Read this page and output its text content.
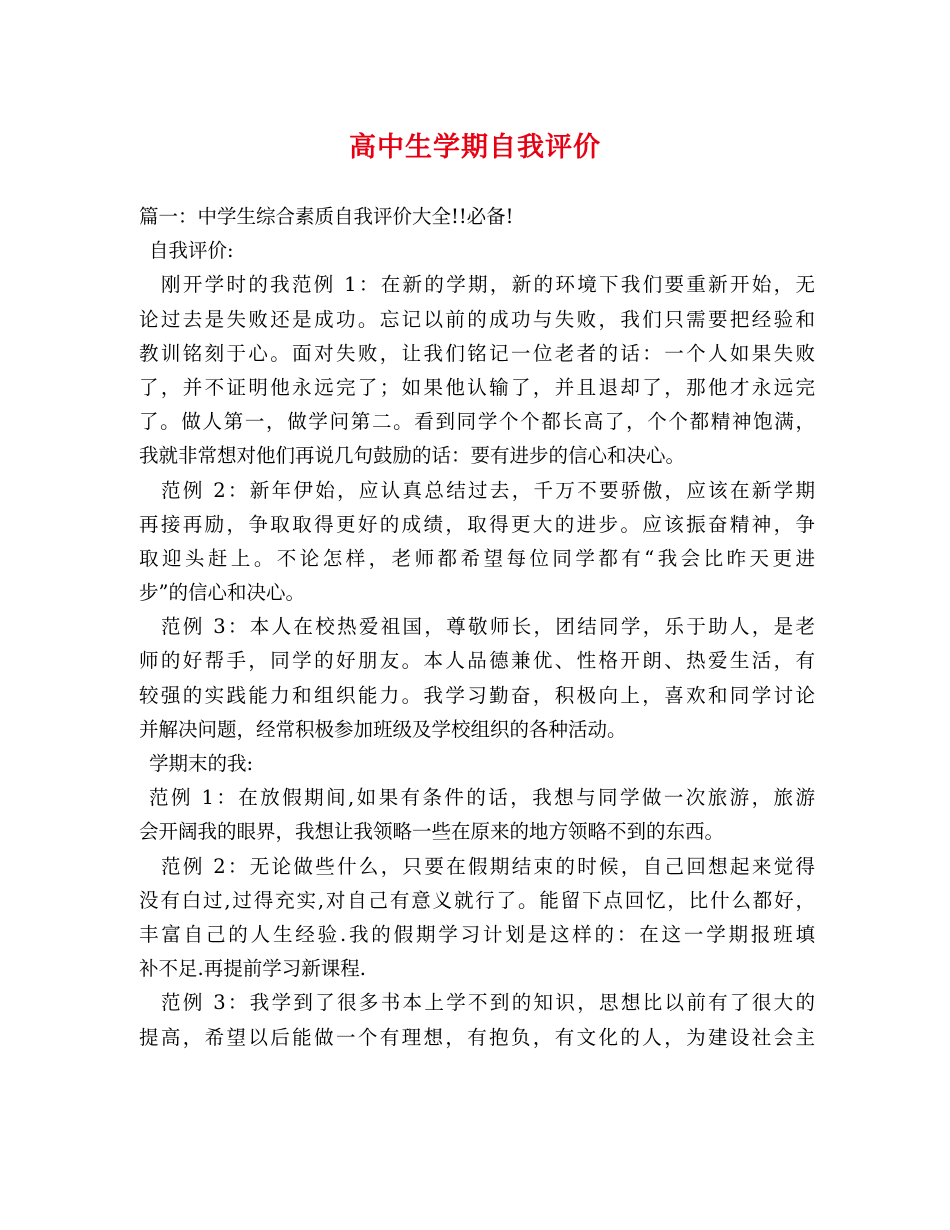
高中生学期自我评价
篇一：中学生综合素质自我评价大全!!必备!
自我评价:
刚开学时的我范例 1：在新的学期，新的环境下我们要重新开始，无
论过去是失败还是成功。忘记以前的成功与失败，我们只需要把经验和
教训铭刻于心。面对失败，让我们铭记一位老者的话：一个人如果失败
了，并不证明他永远完了；如果他认输了，并且退却了，那他才永远完
了。做人第一，做学问第二。看到同学个个都长高了，个个都精神饱满，
我就非常想对他们再说几句鼓励的话：要有进步的信心和决心。
范例 2：新年伊始，应认真总结过去，千万不要骄傲，应该在新学期
再接再励，争取取得更好的成绩，取得更大的进步。应该振奋精神，争
取迎头赶上。不论怎样，老师都希望每位同学都有“我会比昨天更进
步”的信心和决心。
范例 3：本人在校热爱祖国，尊敬师长，团结同学，乐于助人，是老
师的好帮手，同学的好朋友。本人品德兼优、性格开朗、热爱生活，有
较强的实践能力和组织能力。我学习勤奋，积极向上，喜欢和同学讨论
并解决问题，经常积极参加班级及学校组织的各种活动。
学期末的我:
范例 1：在放假期间,如果有条件的话，我想与同学做一次旅游，旅游
会开阔我的眼界，我想让我领略一些在原来的地方领略不到的东西。
范例 2：无论做些什么，只要在假期结束的时候，自己回想起来觉得
没有白过,过得充实,对自己有意义就行了。能留下点回忆，比什么都好，
丰富自己的人生经验.我的假期学习计划是这样的：在这一学期报班填
补不足.再提前学习新课程.
范例 3：我学到了很多书本上学不到的知识，思想比以前有了很大的
提高，希望以后能做一个有理想，有抱负，有文化的人，为建设社会主
